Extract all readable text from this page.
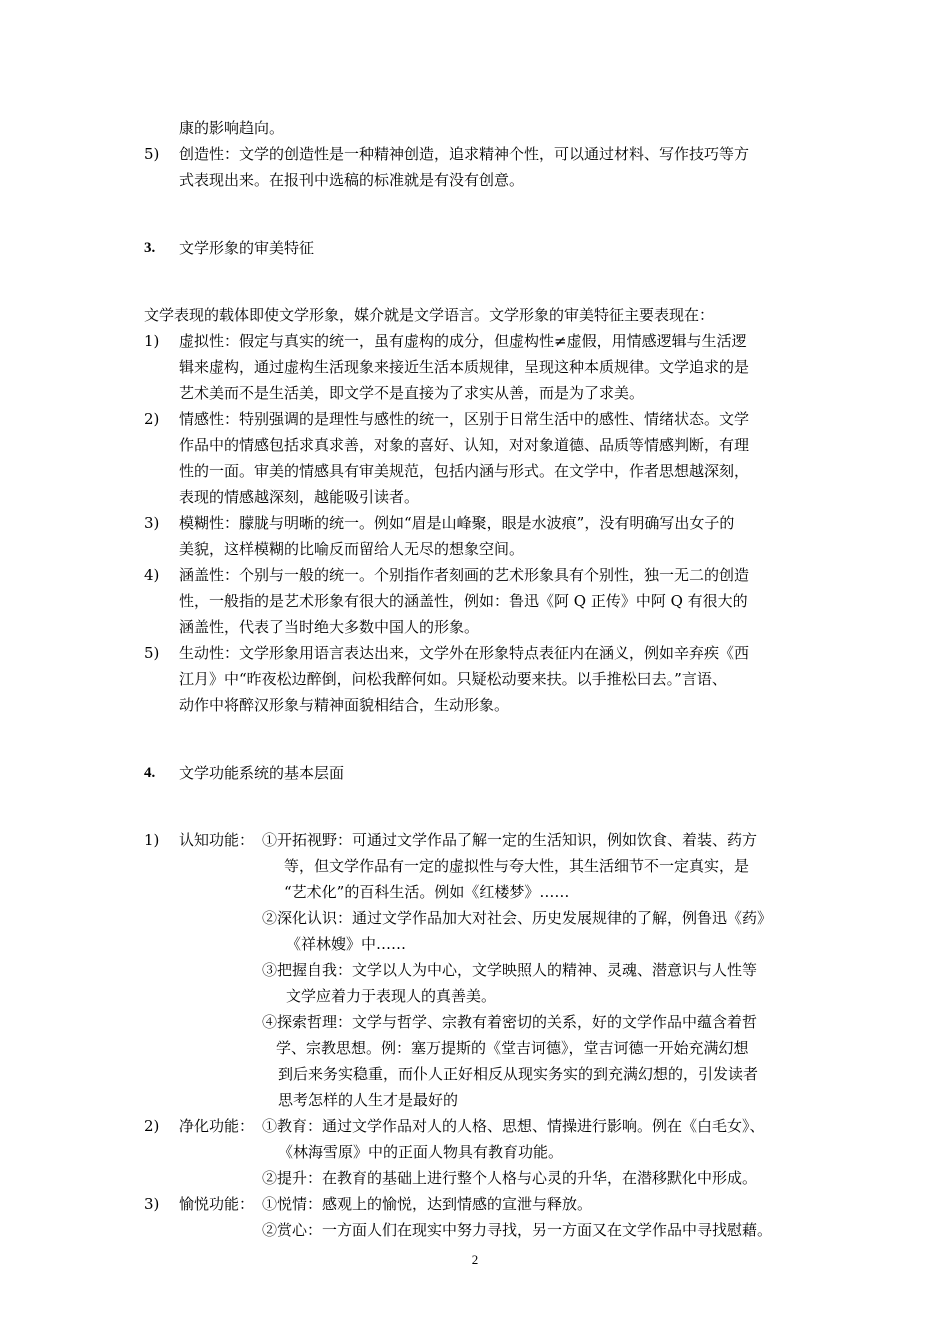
康的影响趋向。
5) 创造性：文学的创造性是一种精神创造，追求精神个性，可以通过材料、写作技巧等方
式表现出来。在报刊中选稿的标准就是有没有创意。
3. 文学形象的审美特征
文学表现的载体即使文学形象，媒介就是文学语言。文学形象的审美特征主要表现在：
1) 虚拟性：假定与真实的统一，虽有虚构的成分，但虚构性≠虚假，用情感逻辑与生活逻
辑来虚构，通过虚构生活现象来接近生活本质规律，呈现这种本质规律。文学追求的是
艺术美而不是生活美，即文学不是直接为了求实从善，而是为了求美。
2) 情感性：特别强调的是理性与感性的统一，区别于日常生活中的感性、情绪状态。文学
作品中的情感包括求真求善，对象的喜好、认知，对对象道德、品质等情感判断，有理
性的一面。审美的情感具有审美规范，包括内涵与形式。在文学中，作者思想越深刻，
表现的情感越深刻，越能吸引读者。
3) 模糊性：朦胧与明晰的统一。例如“眉是山峰聚，眼是水波痕”，没有明确写出女子的
美貌，这样模糊的比喻反而留给人无尽的想象空间。
4) 涵盖性：个别与一般的统一。个别指作者刻画的艺术形象具有个别性，独一无二的创造
性，一般指的是艺术形象有很大的涵盖性，例如：鲁迅《阿 Q 正传》中阿 Q 有很大的
涵盖性，代表了当时绝大多数中国人的形象。
5) 生动性：文学形象用语言表达出来，文学外在形象特点表征内在涵义，例如辛弃疾《西
江月》中“昨夜松边醉倒，问松我醉何如。只疑松动要来扶。以手推松曰去。”言语、
动作中将醉汉形象与精神面貌相结合，生动形象。
4. 文学功能系统的基本层面
1) 认知功能： ①开拓视野：可通过文学作品了解一定的生活知识，例如饮食、着装、药方
等，但文学作品有一定的虚拟性与夸大性，其生活细节不一定真实，是
“艺术化”的百科生活。例如《红楼梦》……
②深化认识：通过文学作品加大对社会、历史发展规律的了解，例鲁迅《药》
《祥林嫂》中……
③把握自我：文学以人为中心，文学映照人的精神、灵魂、潜意识与人性等
文学应着力于表现人的真善美。
④探索哲理：文学与哲学、宗教有着密切的关系，好的文学作品中蕴含着哲
学、宗教思想。例：塞万提斯的《堂吉诃德》，堂吉诃德一开始充满幻想
到后来务实稳重，而仆人正好相反从现实务实的到充满幻想的，引发读者
思考怎样的人生才是最好的
2) 净化功能： ①教育：通过文学作品对人的人格、思想、情操进行影响。例在《白毛女》、
《林海雪原》中的正面人物具有教育功能。
②提升：在教育的基础上进行整个人格与心灵的升华，在潜移默化中形成。
3) 愉悦功能： ①悦情：感观上的愉悦，达到情感的宣泄与释放。
②赏心：一方面人们在现实中努力寻找，另一方面又在文学作品中寻找慰藉。
2
